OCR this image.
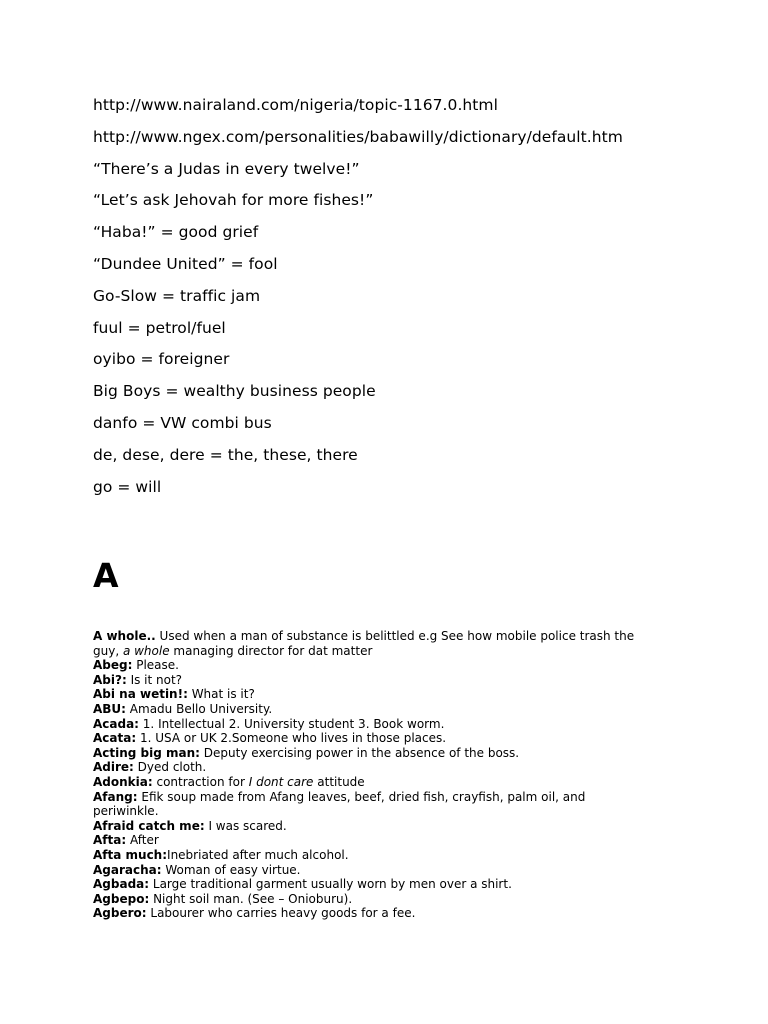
http://www.nairaland.com/nigeria/topic-1167.0.html
http://www.ngex.com/personalities/babawilly/dictionary/default.htm
“There’s a Judas in every twelve!”
“Let’s ask Jehovah for more fishes!”
“Haba!” = good grief
“Dundee United” = fool
Go-Slow = traffic jam
fuul = petrol/fuel
oyibo = foreigner
Big Boys = wealthy business people
danfo = VW combi bus
de, dese, dere = the, these, there
go = will
A

A whole.. Used when a man of substance is belittled e.g See how mobile police trash the guy, a whole managing director for dat matter

Abeg: Please.

Abi?: Is it not?

Abi na wetin!: What is it?

ABU: Amadu Bello University.

Acada: 1. Intellectual 2. University student 3. Book worm.

Acata: 1. USA or UK 2.Someone who lives in those places.

Acting big man: Deputy exercising power in the absence of the boss.

Adire: Dyed cloth.

Adonkia: contraction for I dont care attitude

Afang: Efik soup made from Afang leaves, beef, dried fish, crayfish, palm oil, and periwinkle.

Afraid catch me: I was scared.

Afta: After

Afta much:Inebriated after much alcohol.

Agaracha: Woman of easy virtue.

Agbada: Large traditional garment usually worn by men over a shirt.

Agbepo: Night soil man. (See – Onioburu).

Agbero: Labourer who carries heavy goods for a fee.
